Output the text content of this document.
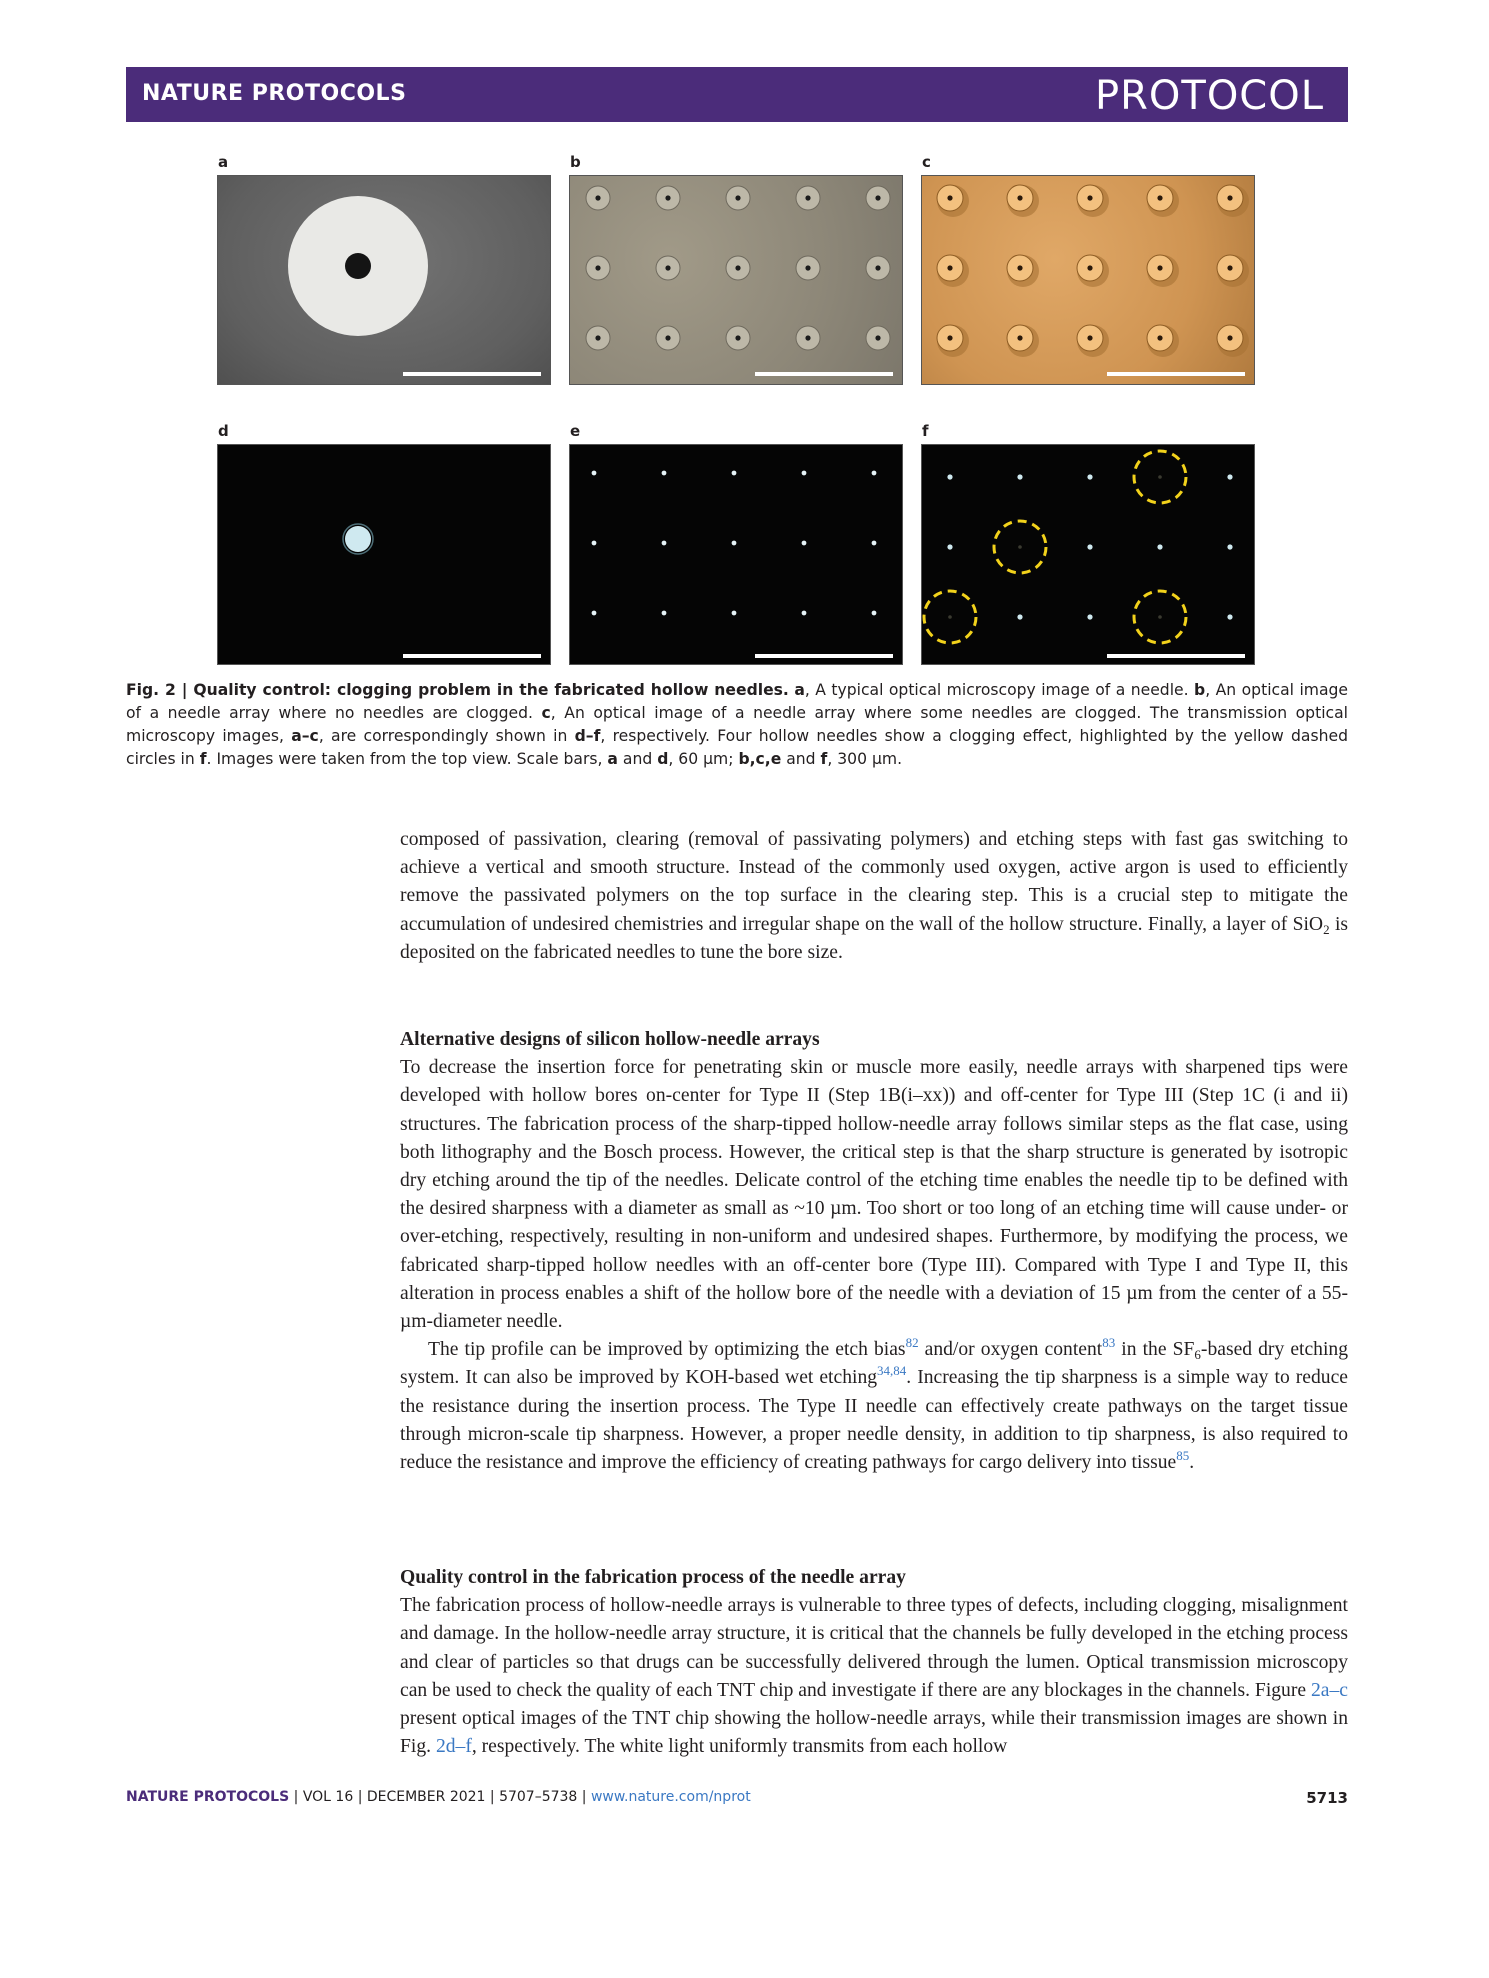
NATURE PROTOCOLS	PROTOCOL
a	b	c
d	e	f
Fig. 2 | Quality control: clogging problem in the fabricated hollow needles. a, A typical optical microscopy image of a needle. b, An optical image of a needle array where no needles are clogged. c, An optical image of a needle array where some needles are clogged. The transmission optical microscopy images, a–c, are correspondingly shown in d–f, respectively. Four hollow needles show a clogging effect, highlighted by the yellow dashed circles in f. Images were taken from the top view. Scale bars, a and d, 60 µm; b,c,e and f, 300 µm.

composed of passivation, clearing (removal of passivating polymers) and etching steps with fast gas switching to achieve a vertical and smooth structure. Instead of the commonly used oxygen, active argon is used to efficiently remove the passivated polymers on the top surface in the clearing step. This is a crucial step to mitigate the accumulation of undesired chemistries and irregular shape on the wall of the hollow structure. Finally, a layer of SiO$_2$ is deposited on the fabricated needles to tune the bore size.

Alternative designs of silicon hollow-needle arrays

To decrease the insertion force for penetrating skin or muscle more easily, needle arrays with sharpened tips were developed with hollow bores on-center for Type II (Step 1B(i–xx)) and off-center for Type III (Step 1C (i and ii) structures. The fabrication process of the sharp-tipped hollow-needle array follows similar steps as the flat case, using both lithography and the Bosch process. However, the critical step is that the sharp structure is generated by isotropic dry etching around the tip of the needles. Delicate control of the etching time enables the needle tip to be defined with the desired sharpness with a diameter as small as ~10 µm. Too short or too long of an etching time will cause under- or over-etching, respectively, resulting in non-uniform and undesired shapes. Furthermore, by modifying the process, we fabricated sharp-tipped hollow needles with an off-center bore (Type III). Compared with Type I and Type II, this alteration in process enables a shift of the hollow bore of the needle with a deviation of 15 µm from the center of a 55-µm-diameter needle.

The tip profile can be improved by optimizing the etch bias$^{82}$ and/or oxygen content$^{83}$ in the $SF_6$-based dry etching system. It can also be improved by KOH-based wet etching$^{34,84}$. Increasing the tip sharpness is a simple way to reduce the resistance during the insertion process. The Type II needle can effectively create pathways on the target tissue through micron-scale tip sharpness. However, a proper needle density, in addition to tip sharpness, is also required to reduce the resistance and improve the efficiency of creating pathways for cargo delivery into tissue$^{85}$.

Quality control in the fabrication process of the needle array

The fabrication process of hollow-needle arrays is vulnerable to three types of defects, including clogging, misalignment and damage. In the hollow-needle array structure, it is critical that the channels be fully developed in the etching process and clear of particles so that drugs can be successfully delivered through the lumen. Optical transmission microscopy can be used to check the quality of each TNT chip and investigate if there are any blockages in the channels. Figure 2a–c present optical images of the TNT chip showing the hollow-needle arrays, while their transmission images are shown in Fig. 2d–f, respectively. The white light uniformly transmits from each hollow

NATURE PROTOCOLS | VOL 16 | DECEMBER 2021 | 5707–5738 | www.nature.com/nprot	5713
